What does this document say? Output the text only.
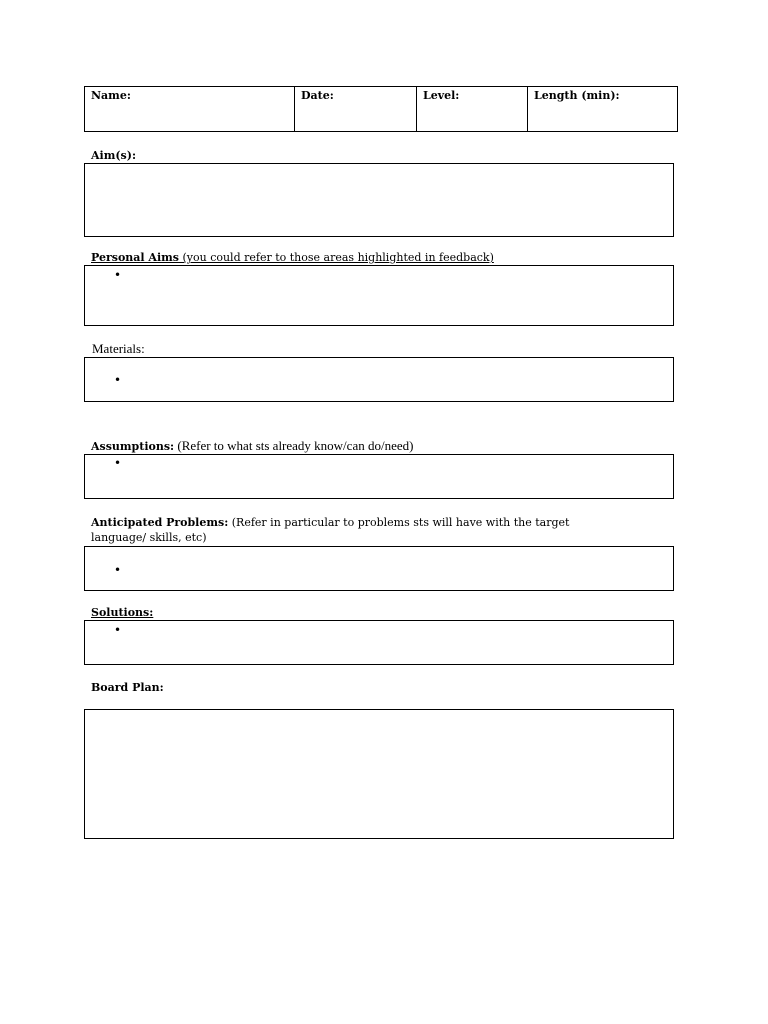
Name:	Date:	Level:	Length (min):
Aim(s):
Personal Aims (you could refer to those areas highlighted in feedback)
•
Materials:
•
Assumptions: (Refer to what sts already know/can do/need)
•
Anticipated Problems: (Refer in particular to problems sts will have with the target
language/ skills, etc)
•
Solutions:
•
Board Plan:
